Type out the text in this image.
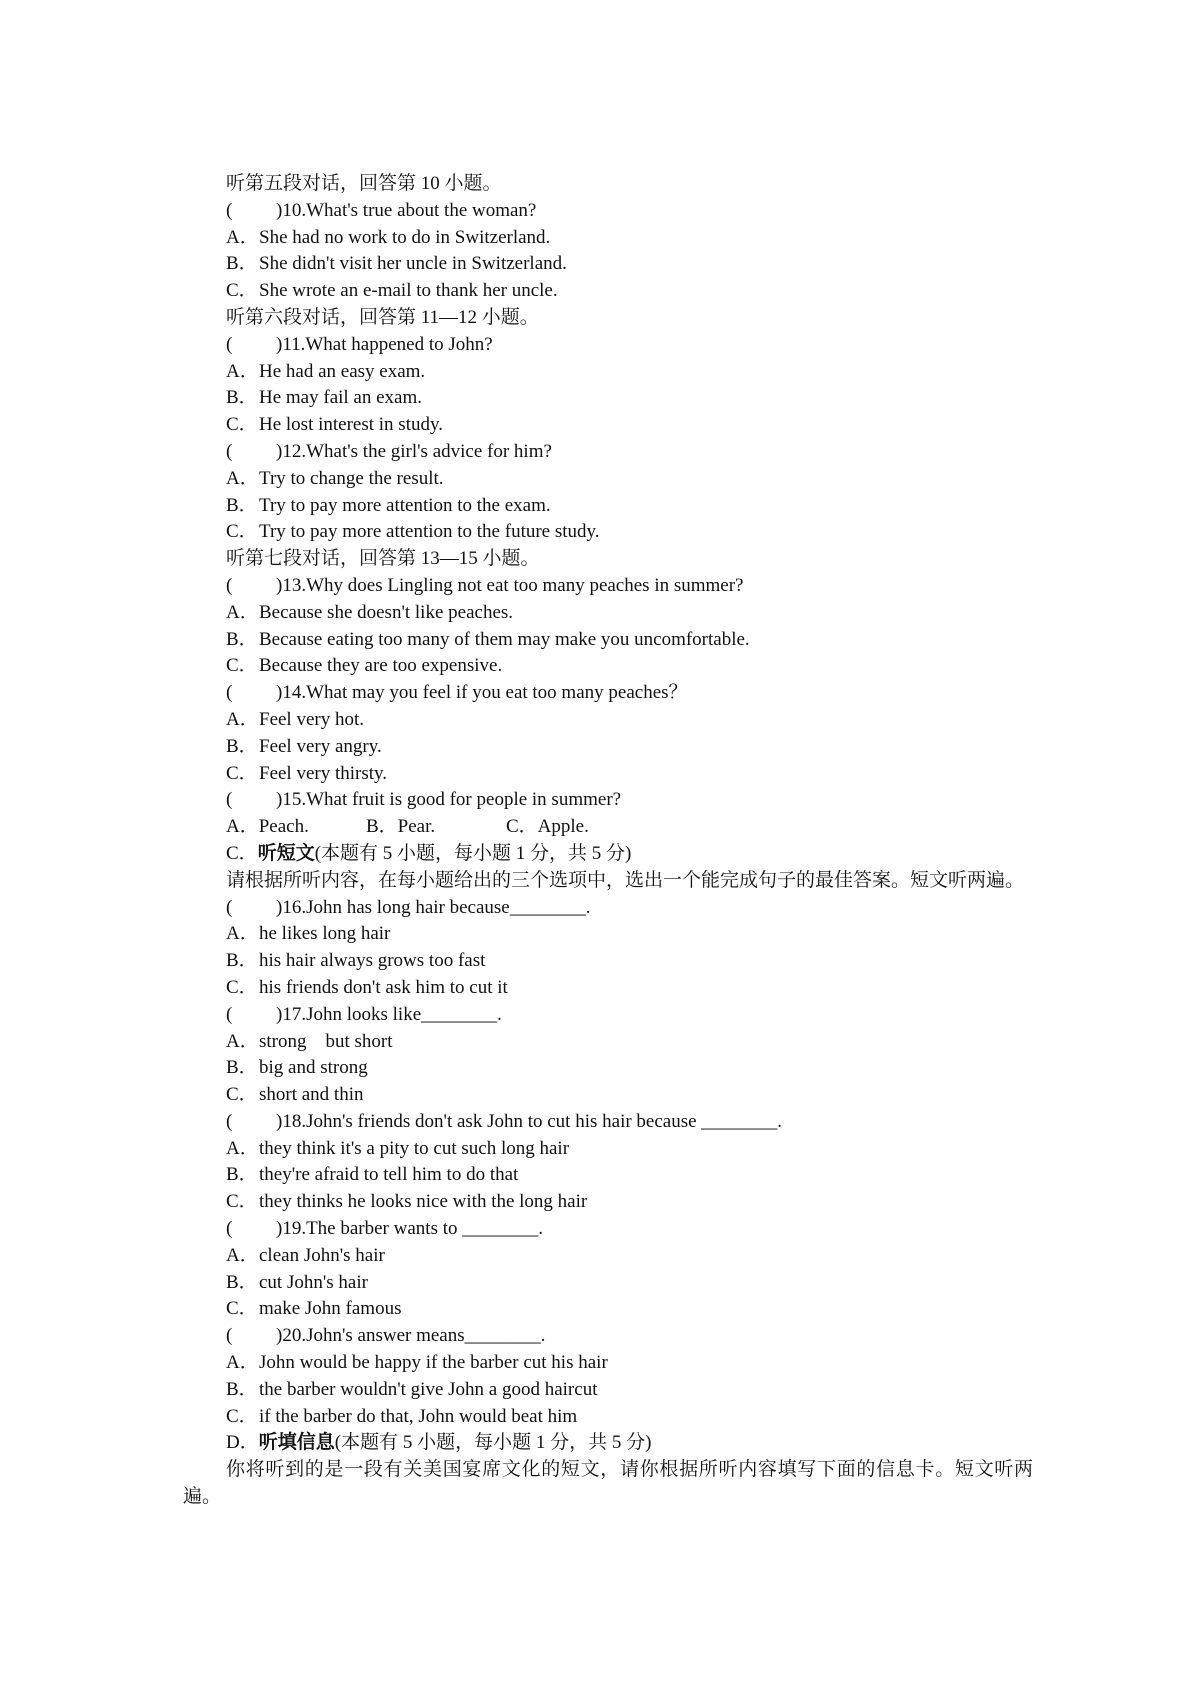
听第五段对话，回答第 10 小题。
( )10.What's true about the woman?
A．She had no work to do in Switzerland.
B．She didn't visit her uncle in Switzerland.
C．She wrote an e-mail to thank her uncle.
听第六段对话，回答第 11—12 小题。
( )11.What happened to John?
A．He had an easy exam.
B．He may fail an exam.
C．He lost interest in study.
( )12.What's the girl's advice for him?
A．Try to change the result.
B．Try to pay more attention to the exam.
C．Try to pay more attention to the future study.
听第七段对话，回答第 13—15 小题。
( )13.Why does Lingling not eat too many peaches in summer?
A．Because she doesn't like peaches.
B．Because eating too many of them may make you uncomfortable.
C．Because they are too expensive.
( )14.What may you feel if you eat too many peaches？
A．Feel very hot.
B．Feel very angry.
C．Feel very thirsty.
( )15.What fruit is good for people in summer?
A．Peach.	B．Pear.	C．Apple.
C．听短文(本题有 5 小题，每小题 1 分，共 5 分)
请根据所听内容，在每小题给出的三个选项中，选出一个能完成句子的最佳答案。短文听两遍。
( )16.John has long hair because________.
A．he likes long hair
B．his hair always grows too fast
C．his friends don't ask him to cut it
( )17.John looks like________.
A．strong　but short
B．big and strong
C．short and thin
( )18.John's friends don't ask John to cut his hair because ________.
A．they think it's a pity to cut such long hair
B．they're afraid to tell him to do that
C．they thinks he looks nice with the long hair
( )19.The barber wants to ________.
A．clean John's hair
B．cut John's hair
C．make John famous
( )20.John's answer means________.
A．John would be happy if the barber cut his hair
B．the barber wouldn't give John a good haircut
C．if the barber do that, John would beat him
D．听填信息(本题有 5 小题，每小题 1 分，共 5 分)
你将听到的是一段有关美国宴席文化的短文，请你根据所听内容填写下面的信息卡。短文听两遍。
